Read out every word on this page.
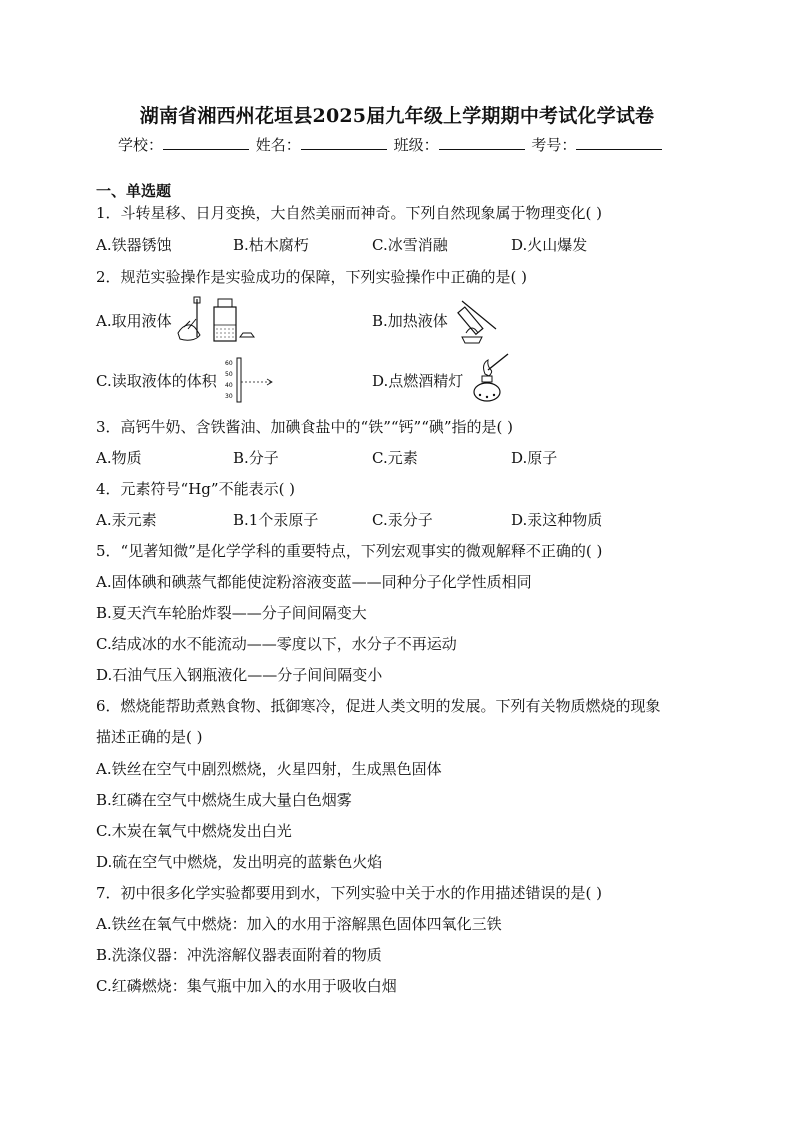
湖南省湘西州花垣县2025届九年级上学期期中考试化学试卷
学校：	姓名：	班级：	考号：
一、单选题
1．斗转星移、日月变换，大自然美丽而神奇。下列自然现象属于物理变化( )
A.铁器锈蚀	B.枯木腐朽	C.冰雪消融	D.火山爆发
2．规范实验操作是实验成功的保障，下列实验操作中正确的是( )
A.取用液体	B.加热液体
C.读取液体的体积
60
50
40
30
D.点燃酒精灯
3．高钙牛奶、含铁酱油、加碘食盐中的“铁”“钙”“碘”指的是( )
A.物质	B.分子	C.元素	D.原子
4．元素符号“Hg”不能表示( )
A.汞元素	B.1个汞原子	C.汞分子	D.汞这种物质
5．“见著知微”是化学学科的重要特点，下列宏观事实的微观解释不正确的( )
A.固体碘和碘蒸气都能使淀粉溶液变蓝——同种分子化学性质相同
B.夏天汽车轮胎炸裂——分子间间隔变大
C.结成冰的水不能流动——零度以下，水分子不再运动
D.石油气压入钢瓶液化——分子间间隔变小
6．燃烧能帮助煮熟食物、抵御寒冷，促进人类文明的发展。下列有关物质燃烧的现象
描述正确的是( )
A.铁丝在空气中剧烈燃烧，火星四射，生成黑色固体
B.红磷在空气中燃烧生成大量白色烟雾
C.木炭在氧气中燃烧发出白光
D.硫在空气中燃烧，发出明亮的蓝紫色火焰
7．初中很多化学实验都要用到水，下列实验中关于水的作用描述错误的是( )
A.铁丝在氧气中燃烧：加入的水用于溶解黑色固体四氧化三铁
B.洗涤仪器：冲洗溶解仪器表面附着的物质
C.红磷燃烧：集气瓶中加入的水用于吸收白烟
